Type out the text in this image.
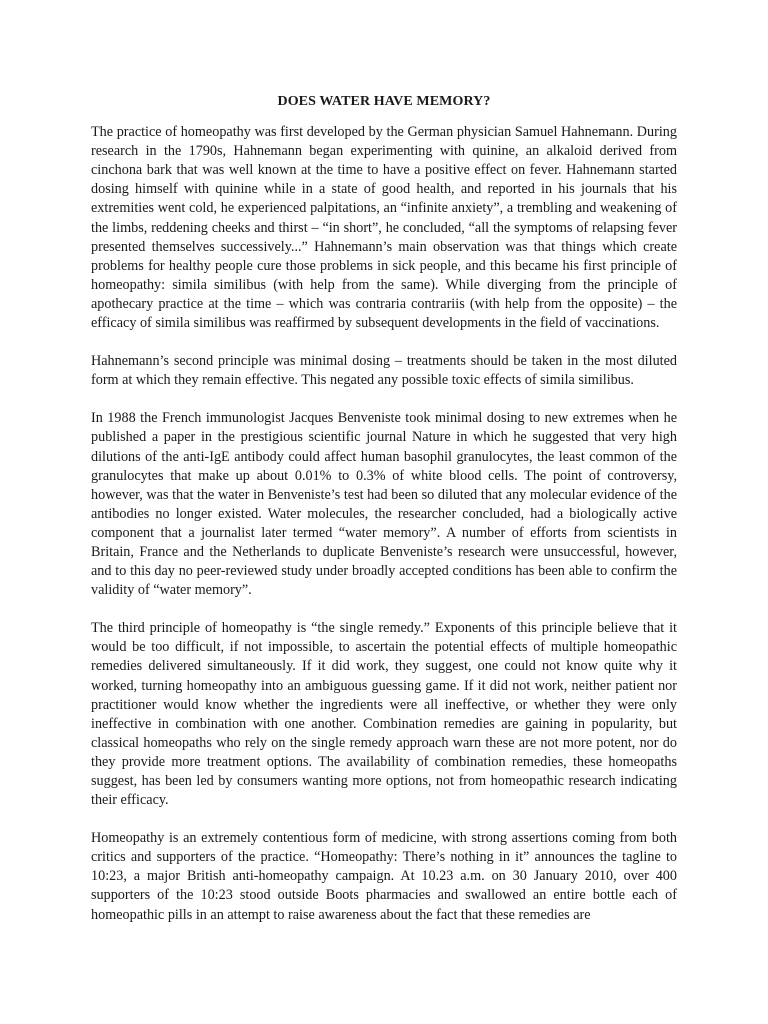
DOES WATER HAVE MEMORY?

The practice of homeopathy was first developed by the German physician Samuel Hahnemann. During research in the 1790s, Hahnemann began experimenting with quinine, an alkaloid derived from cinchona bark that was well known at the time to have a positive effect on fever. Hahnemann started dosing himself with quinine while in a state of good health, and reported in his journals that his extremities went cold, he experienced palpitations, an “infinite anxiety”, a trembling and weakening of the limbs, reddening cheeks and thirst – “in short”, he concluded, “all the symptoms of relapsing fever presented themselves successively...” Hahnemann’s main observation was that things which create problems for healthy people cure those problems in sick people, and this became his first principle of homeopathy: simila similibus (with help from the same). While diverging from the principle of apothecary practice at the time – which was contraria contrariis (with help from the opposite) – the efficacy of simila similibus was reaffirmed by subsequent developments in the field of vaccinations.

Hahnemann’s second principle was minimal dosing – treatments should be taken in the most diluted form at which they remain effective. This negated any possible toxic effects of simila similibus.

In 1988 the French immunologist Jacques Benveniste took minimal dosing to new extremes when he published a paper in the prestigious scientific journal Nature in which he suggested that very high dilutions of the anti-IgE antibody could affect human basophil granulocytes, the least common of the granulocytes that make up about 0.01% to 0.3% of white blood cells. The point of controversy, however, was that the water in Benveniste’s test had been so diluted that any molecular evidence of the antibodies no longer existed. Water molecules, the researcher concluded, had a biologically active component that a journalist later termed “water memory”. A number of efforts from scientists in Britain, France and the Netherlands to duplicate Benveniste’s research were unsuccessful, however, and to this day no peer-reviewed study under broadly accepted conditions has been able to confirm the validity of “water memory”.

The third principle of homeopathy is “the single remedy.” Exponents of this principle believe that it would be too difficult, if not impossible, to ascertain the potential effects of multiple homeopathic remedies delivered simultaneously. If it did work, they suggest, one could not know quite why it worked, turning homeopathy into an ambiguous guessing game. If it did not work, neither patient nor practitioner would know whether the ingredients were all ineffective, or whether they were only ineffective in combination with one another. Combination remedies are gaining in popularity, but classical homeopaths who rely on the single remedy approach warn these are not more potent, nor do they provide more treatment options. The availability of combination remedies, these homeopaths suggest, has been led by consumers wanting more options, not from homeopathic research indicating their efficacy.

Homeopathy is an extremely contentious form of medicine, with strong assertions coming from both critics and supporters of the practice. “Homeopathy: There’s nothing in it” announces the tagline to 10:23, a major British anti-homeopathy campaign. At 10.23 a.m. on 30 January 2010, over 400 supporters of the 10:23 stood outside Boots pharmacies and swallowed an entire bottle each of homeopathic pills in an attempt to raise awareness about the fact that these remedies are
